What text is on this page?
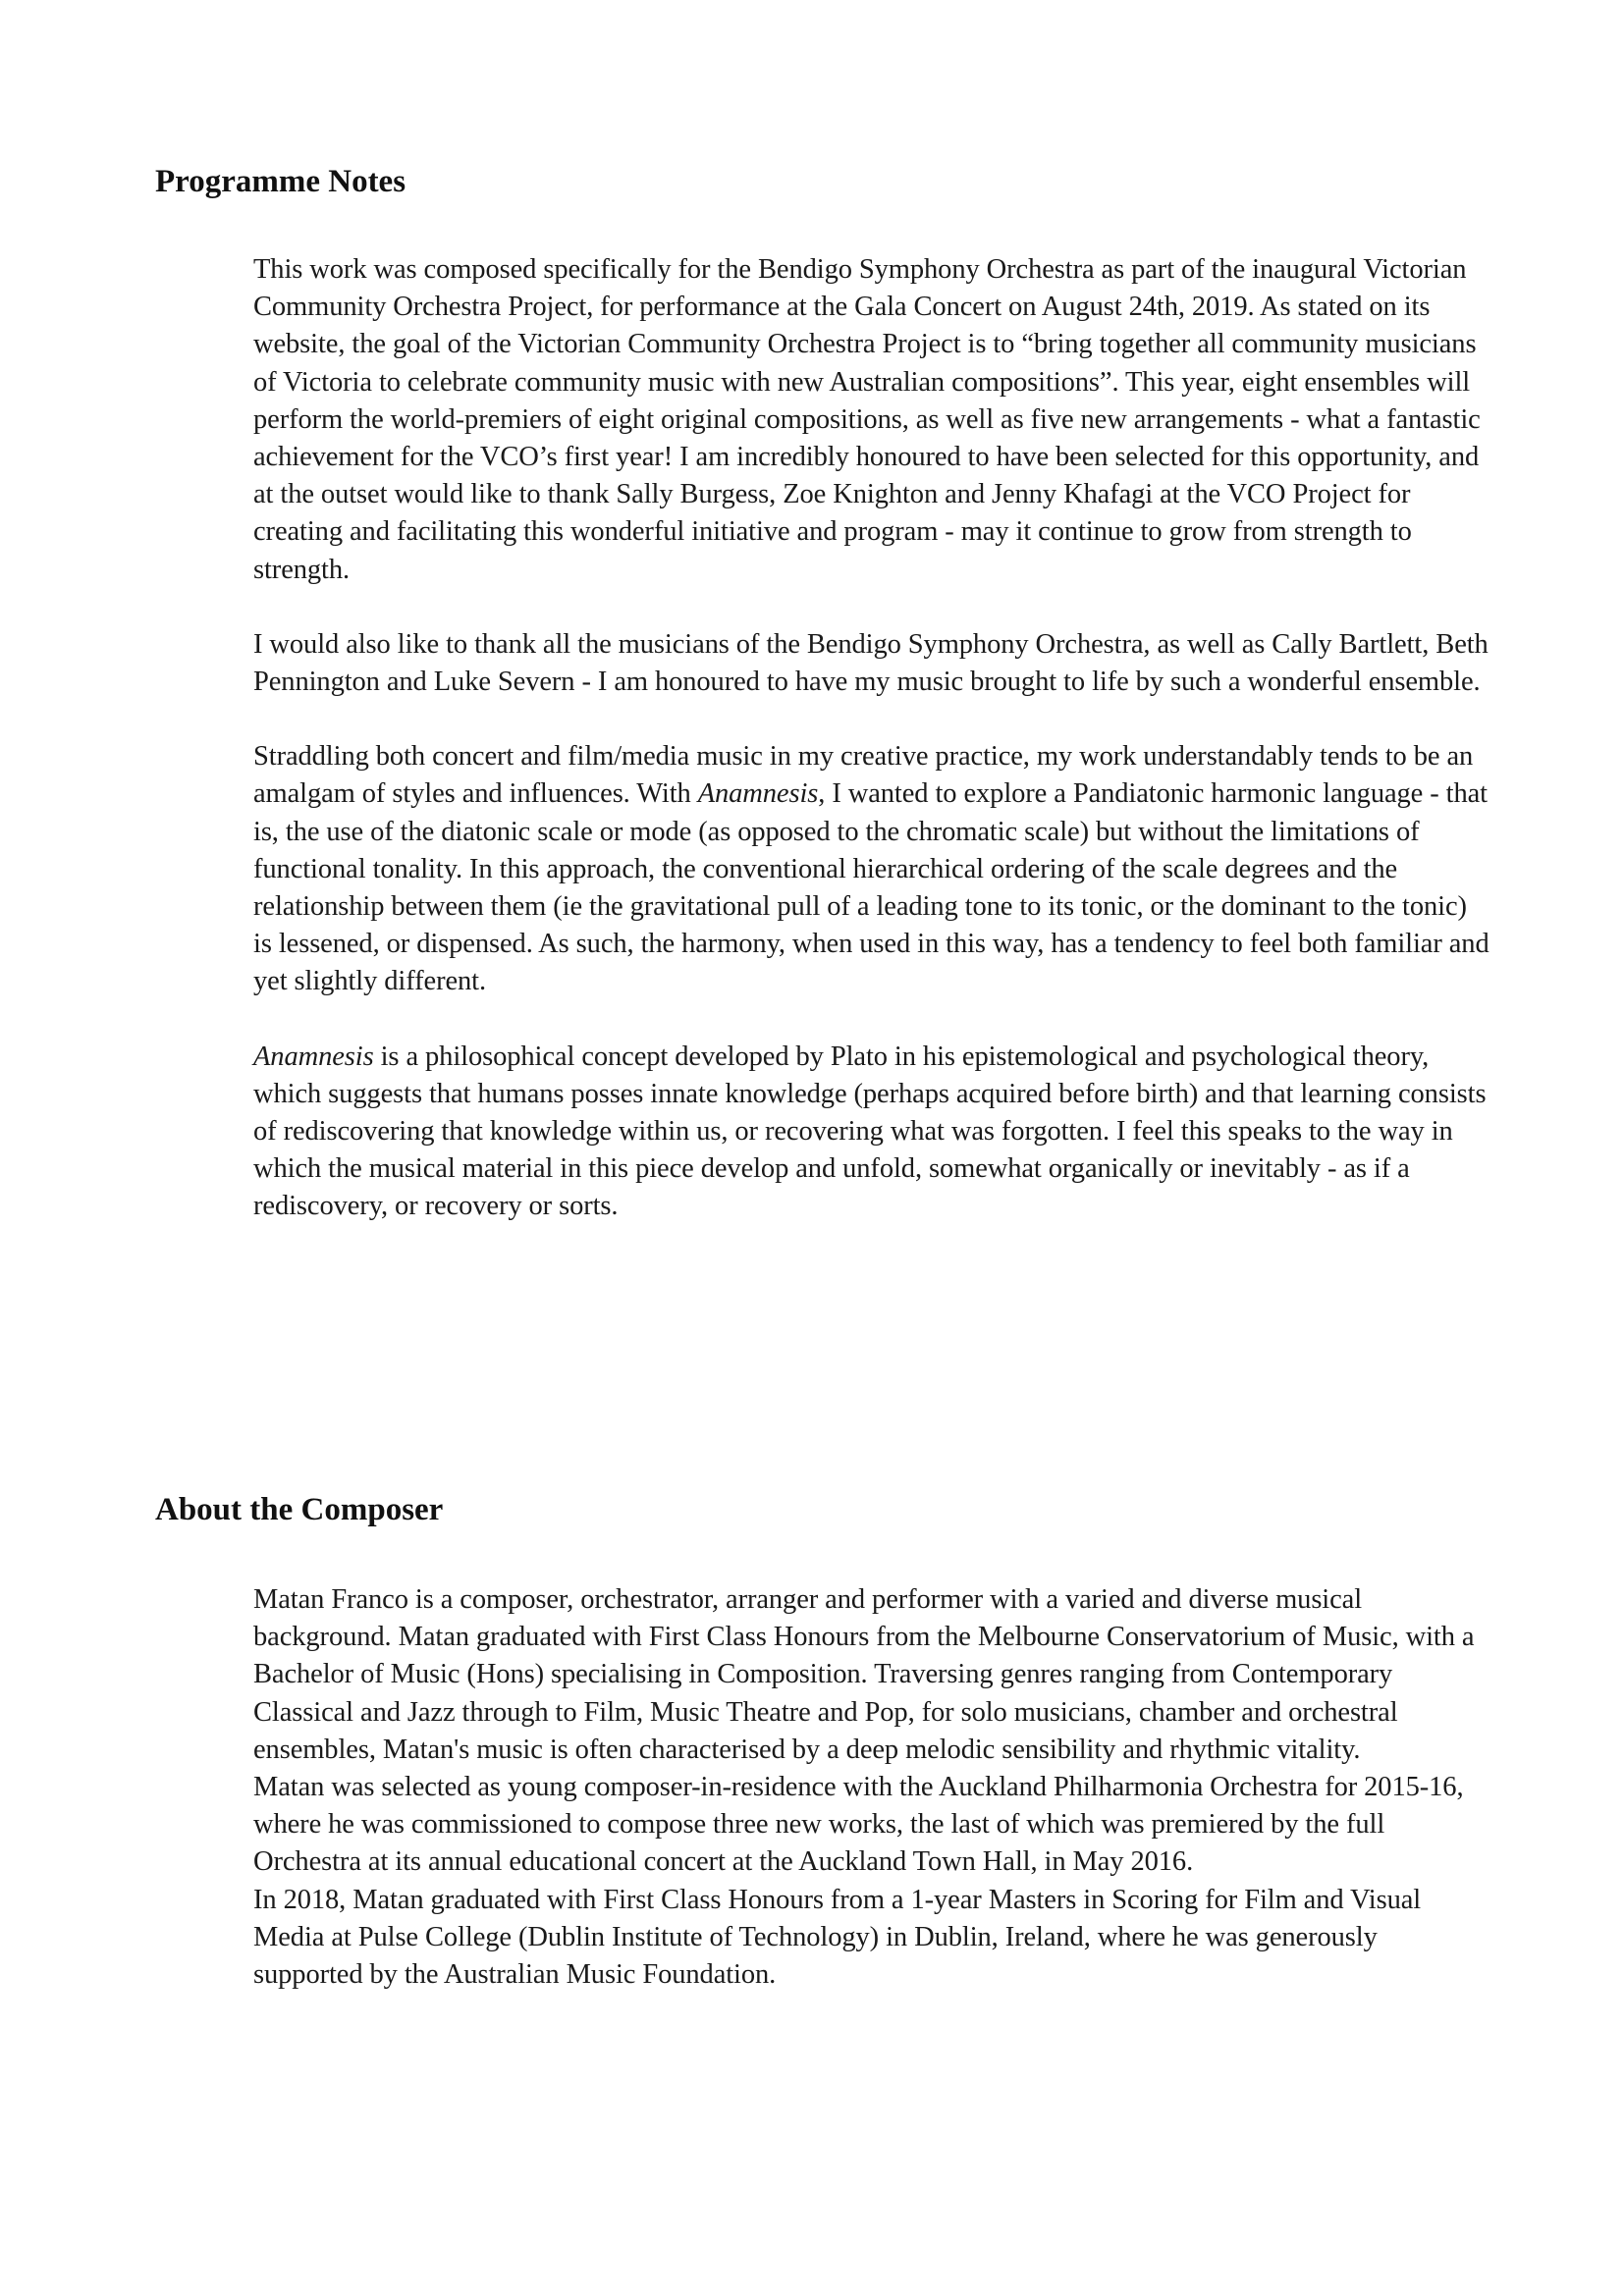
Programme Notes

This work was composed specifically for the Bendigo Symphony Orchestra as part of the inaugural Victorian Community Orchestra Project, for performance at the Gala Concert on August 24th, 2019. As stated on its website, the goal of the Victorian Community Orchestra Project is to “bring together all community musicians of Victoria to celebrate community music with new Australian compositions”. This year, eight ensembles will perform the world-premiers of eight original compositions, as well as five new arrangements - what a fantastic achievement for the VCO’s first year! I am incredibly honoured to have been selected for this opportunity, and at the outset would like to thank Sally Burgess, Zoe Knighton and Jenny Khafagi at the VCO Project for creating and facilitating this wonderful initiative and program - may it continue to grow from strength to strength.

I would also like to thank all the musicians of the Bendigo Symphony Orchestra, as well as Cally Bartlett, Beth Pennington and Luke Severn - I am honoured to have my music brought to life by such a wonderful ensemble.

Straddling both concert and film/media music in my creative practice, my work understandably tends to be an amalgam of styles and influences. With Anamnesis, I wanted to explore a Pandiatonic harmonic language - that is, the use of the diatonic scale or mode (as opposed to the chromatic scale) but without the limitations of functional tonality. In this approach, the conventional hierarchical ordering of the scale degrees and the relationship between them (ie the gravitational pull of a leading tone to its tonic, or the dominant to the tonic) is lessened, or dispensed. As such, the harmony, when used in this way, has a tendency to feel both familiar and yet slightly different.

Anamnesis is a philosophical concept developed by Plato in his epistemological and psychological theory, which suggests that humans posses innate knowledge (perhaps acquired before birth) and that learning consists of rediscovering that knowledge within us, or recovering what was forgotten. I feel this speaks to the way in which the musical material in this piece develop and unfold, somewhat organically or inevitably - as if a rediscovery, or recovery or sorts.

About the Composer

Matan Franco is a composer, orchestrator, arranger and performer with a varied and diverse musical background. Matan graduated with First Class Honours from the Melbourne Conservatorium of Music, with a Bachelor of Music (Hons) specialising in Composition. Traversing genres ranging from Contemporary Classical and Jazz through to Film, Music Theatre and Pop, for solo musicians, chamber and orchestral ensembles, Matan's music is often characterised by a deep melodic sensibility and rhythmic vitality.

Matan was selected as young composer-in-residence with the Auckland Philharmonia Orchestra for 2015-16, where he was commissioned to compose three new works, the last of which was premiered by the full Orchestra at its annual educational concert at the Auckland Town Hall, in May 2016.

In 2018, Matan graduated with First Class Honours from a 1-year Masters in Scoring for Film and Visual Media at Pulse College (Dublin Institute of Technology) in Dublin, Ireland, where he was generously supported by the Australian Music Foundation.
